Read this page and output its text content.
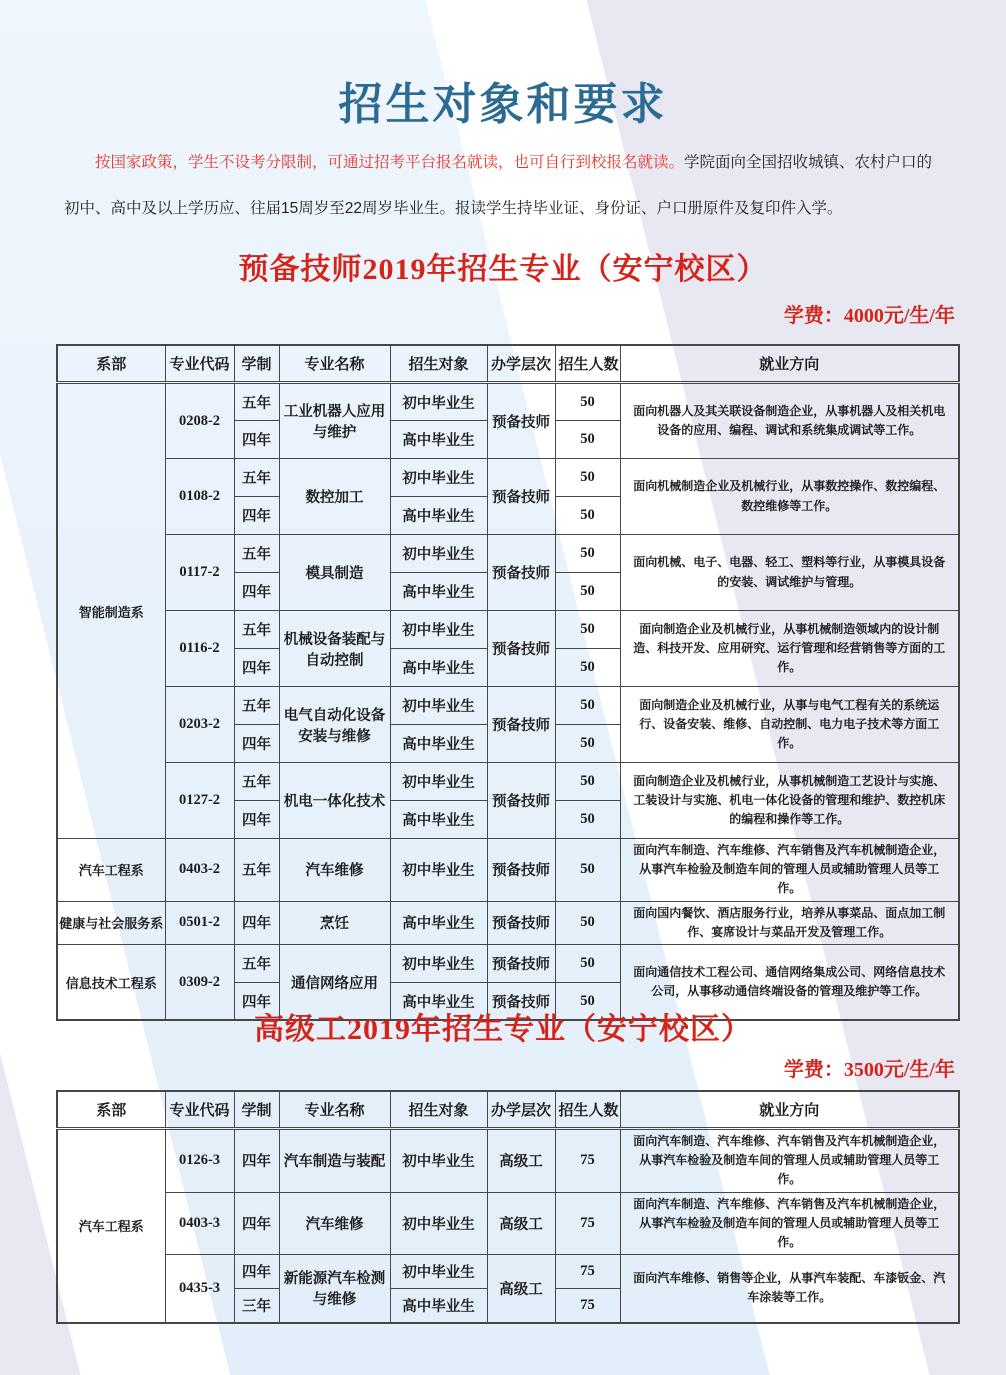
招生对象和要求

按国家政策，学生不设考分限制，可通过招考平台报名就读，也可自行到校报名就读。学院面向全国招收城镇、农村户口的初中、高中及以上学历应、往届15周岁至22周岁毕业生。报读学生持毕业证、身份证、户口册原件及复印件入学。

预备技师2019年招生专业（安宁校区）
学费：4000元/生/年
系部	专业代码	学制	专业名称	招生对象	办学层次	招生人数	就业方向
智能制造系	0208-2	五年	工业机器人应用与维护	初中毕业生	预备技师	50	面向机器人及其关联设备制造企业，从事机器人及相关机电设备的应用、编程、调试和系统集成调试等工作。
		四年		高中毕业生		50	
	0108-2	五年	数控加工	初中毕业生	预备技师	50	面向机械制造企业及机械行业，从事数控操作、数控编程、数控维修等工作。
		四年		高中毕业生		50	
	0117-2	五年	模具制造	初中毕业生	预备技师	50	面向机械、电子、电器、轻工、塑料等行业，从事模具设备的安装、调试维护与管理。
		四年		高中毕业生		50	
	0116-2	五年	机械设备装配与自动控制	初中毕业生	预备技师	50	面向制造企业及机械行业，从事机械制造领域内的设计制造、科技开发、应用研究、运行管理和经营销售等方面的工作。
		四年		高中毕业生		50	
	0203-2	五年	电气自动化设备安装与维修	初中毕业生	预备技师	50	面向制造企业及机械行业，从事与电气工程有关的系统运行、设备安装、维修、自动控制、电力电子技术等方面工作。
		四年		高中毕业生		50	
	0127-2	五年	机电一体化技术	初中毕业生	预备技师	50	面向制造企业及机械行业，从事机械制造工艺设计与实施、工装设计与实施、机电一体化设备的管理和维护、数控机床的编程和操作等工作。
		四年		高中毕业生		50	
汽车工程系	0403-2	五年	汽车维修	初中毕业生	预备技师	50	面向汽车制造、汽车维修、汽车销售及汽车机械制造企业，从事汽车检验及制造车间的管理人员或辅助管理人员等工作。
健康与社会服务系	0501-2	四年	烹饪	高中毕业生	预备技师	50	面向国内餐饮、酒店服务行业，培养从事菜品、面点加工制作、宴席设计与菜品开发及管理工作。
信息技术工程系	0309-2	五年	通信网络应用	初中毕业生	预备技师	50	面向通信技术工程公司、通信网络集成公司、网络信息技术公司，从事移动通信终端设备的管理及维护等工作。
		四年		高中毕业生	预备技师	50	
高级工2019年招生专业（安宁校区）
学费：3500元/生/年
系部	专业代码	学制	专业名称	招生对象	办学层次	招生人数	就业方向
汽车工程系	0126-3	四年	汽车制造与装配	初中毕业生	高级工	75	面向汽车制造、汽车维修、汽车销售及汽车机械制造企业，从事汽车检验及制造车间的管理人员或辅助管理人员等工作。
	0403-3	四年	汽车维修	初中毕业生	高级工	75	面向汽车制造、汽车维修、汽车销售及汽车机械制造企业，从事汽车检验及制造车间的管理人员或辅助管理人员等工作。
	0435-3	四年	新能源汽车检测与维修	初中毕业生	高级工	75	面向汽车维修、销售等企业，从事汽车装配、车漆钣金、汽车涂装等工作。
		三年		高中毕业生		75	
